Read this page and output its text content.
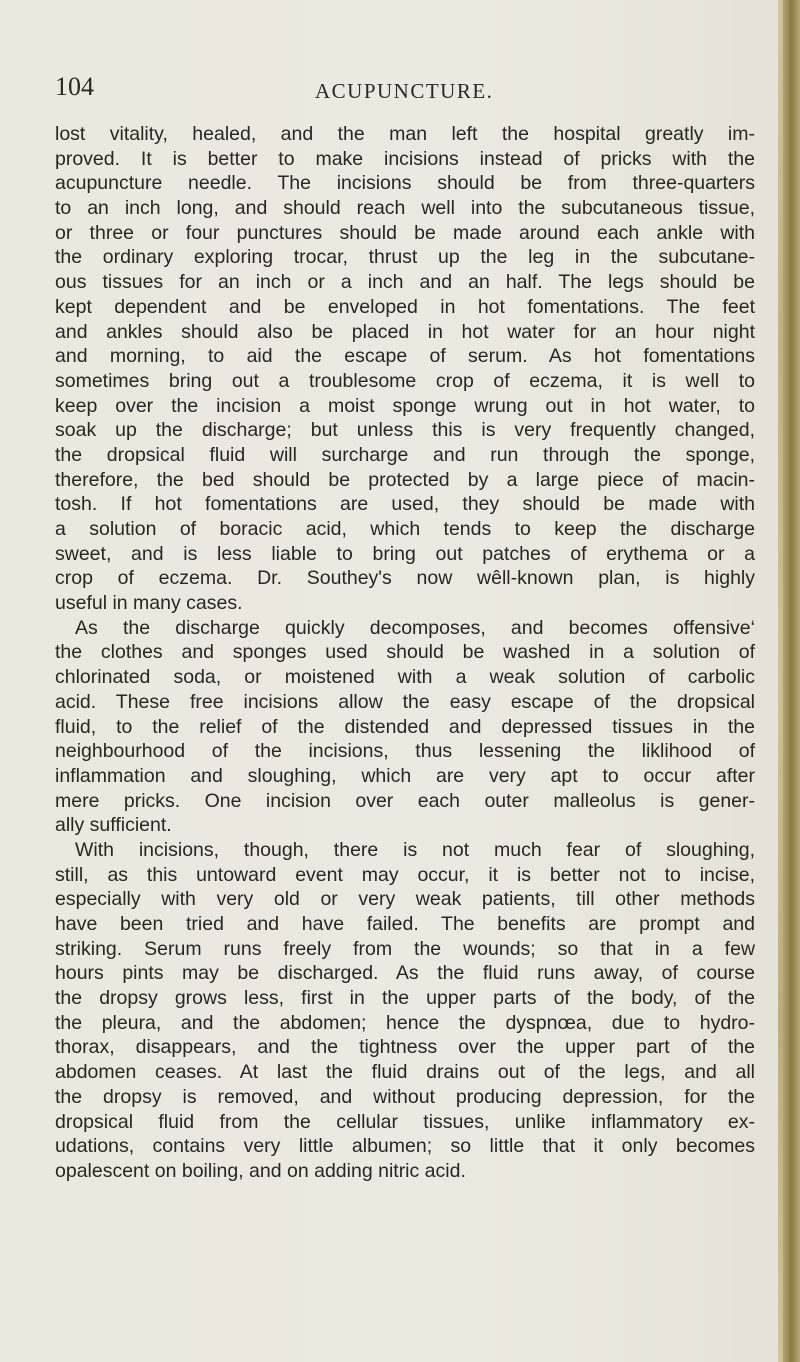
104	ACUPUNCTURE.
lost vitality, healed, and the man left the hospital greatly im-
proved. It is better to make incisions instead of pricks with the
acupuncture needle. The incisions should be from three-quarters
to an inch long, and should reach well into the subcutaneous tissue,
or three or four punctures should be made around each ankle with
the ordinary exploring trocar, thrust up the leg in the subcutane-
ous tissues for an inch or a inch and an half. The legs should be
kept dependent and be enveloped in hot fomentations. The feet
and ankles should also be placed in hot water for an hour night
and morning, to aid the escape of serum. As hot fomentations
sometimes bring out a troublesome crop of eczema, it is well to
keep over the incision a moist sponge wrung out in hot water, to
soak up the discharge; but unless this is very frequently changed,
the dropsical fluid will surcharge and run through the sponge,
therefore, the bed should be protected by a large piece of macin-
tosh. If hot fomentations are used, they should be made with
a solution of boracic acid, which tends to keep the discharge
sweet, and is less liable to bring out patches of erythema or a
crop of eczema. Dr. Southey's now wêll-known plan, is highly
useful in many cases.
As the discharge quickly decomposes, and becomes offensive‘
the clothes and sponges used should be washed in a solution of
chlorinated soda, or moistened with a weak solution of carbolic
acid. These free incisions allow the easy escape of the dropsical
fluid, to the relief of the distended and depressed tissues in the
neighbourhood of the incisions, thus lessening the liklihood of
inflammation and sloughing, which are very apt to occur after
mere pricks. One incision over each outer malleolus is gener-
ally sufficient.
With incisions, though, there is not much fear of sloughing,
still, as this untoward event may occur, it is better not to incise,
especially with very old or very weak patients, till other methods
have been tried and have failed. The benefits are prompt and
striking. Serum runs freely from the wounds; so that in a few
hours pints may be discharged. As the fluid runs away, of course
the dropsy grows less, first in the upper parts of the body, of the
the pleura, and the abdomen; hence the dyspnœa, due to hydro-
thorax, disappears, and the tightness over the upper part of the
abdomen ceases. At last the fluid drains out of the legs, and all
the dropsy is removed, and without producing depression, for the
dropsical fluid from the cellular tissues, unlike inflammatory ex-
udations, contains very little albumen; so little that it only becomes
opalescent on boiling, and on adding nitric acid.
